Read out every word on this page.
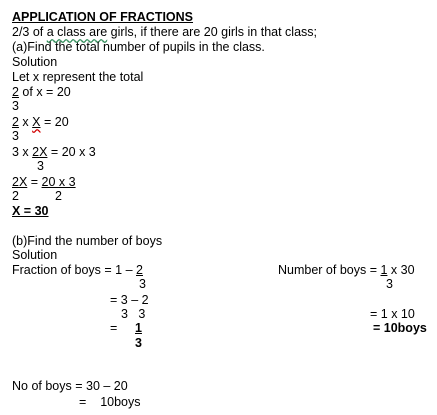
APPLICATION OF FRACTIONS
2/3 of a class are girls, if there are 20 girls in that class;
(a)Find the total number of pupils in the class.
Solution
Let x represent the total
2 of x = 20
3
2 x X = 20
3
3 x 2X = 20 x 3
3
2X = 20 x 3
2	2
X = 30
(b)Find the number of boys
Solution
Fraction of boys = 1 – 2
3
= 3 – 2
3   3
= 1
3
Number of boys = 1 x 30
3
= 1 x 10
= 10boys
No of boys = 30 – 20
=    10boys
